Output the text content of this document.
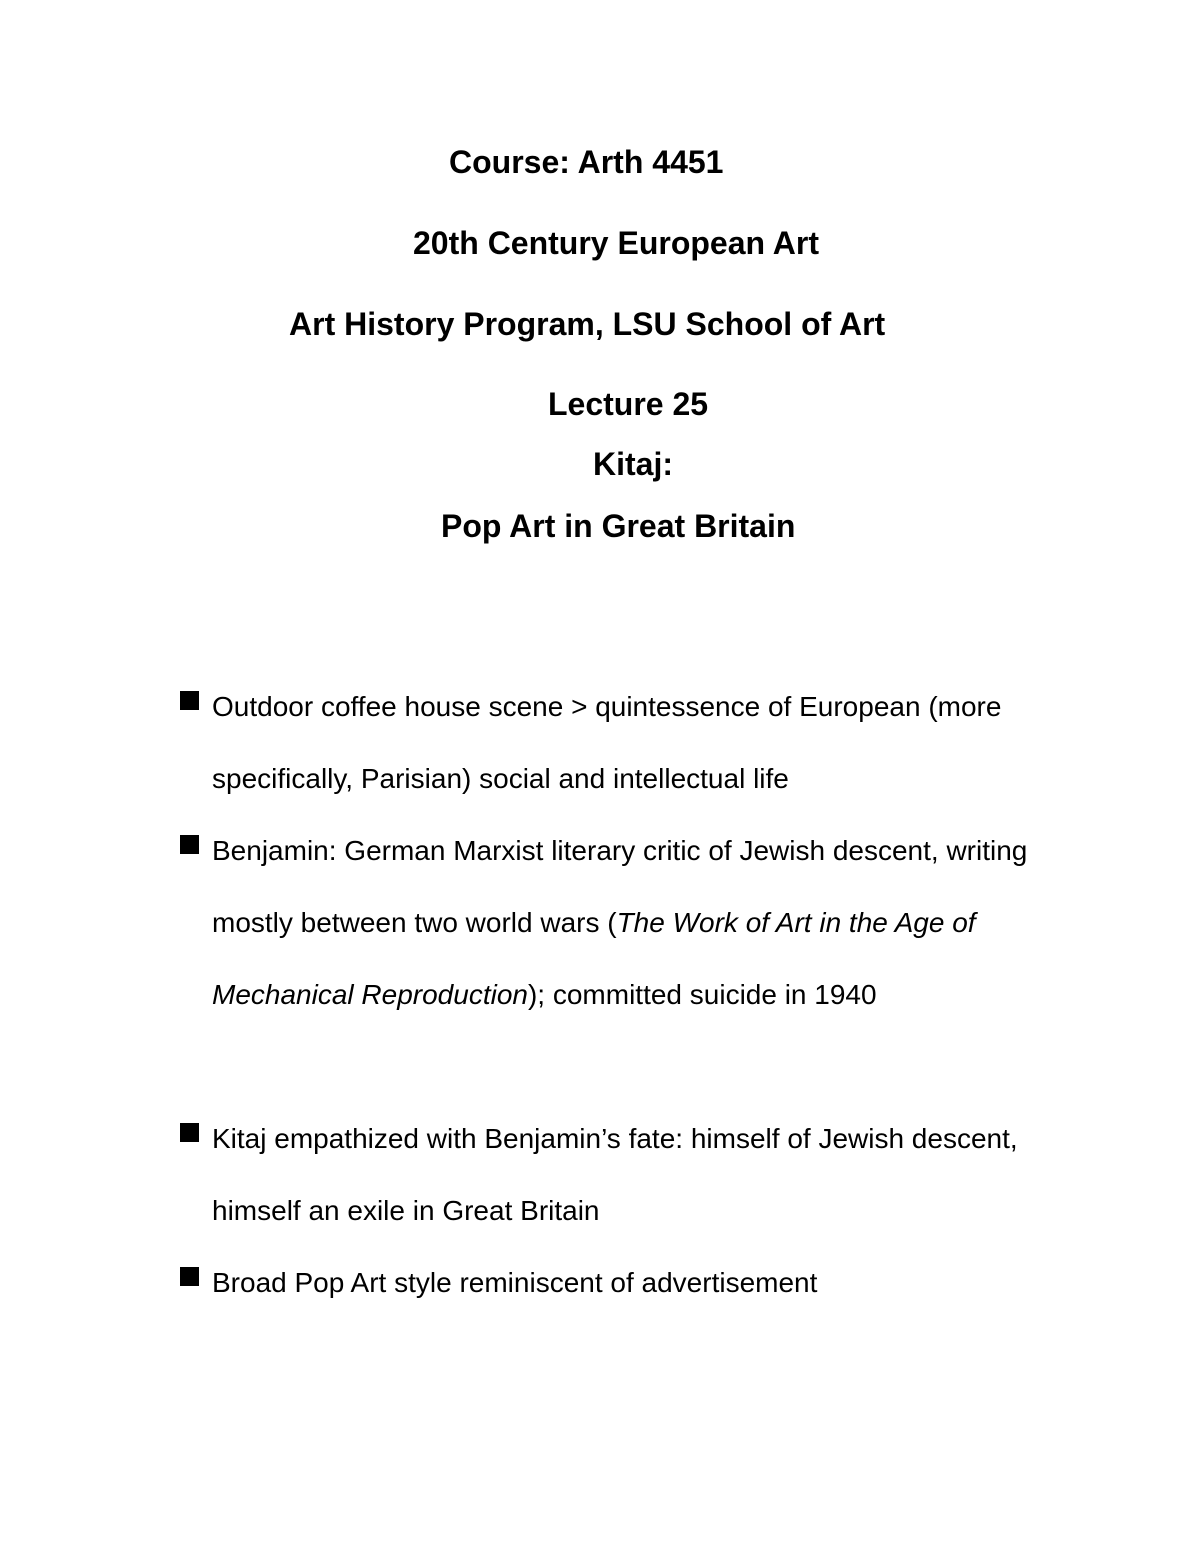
Course: Arth 4451
20th Century European Art
Art History Program, LSU School of Art
Lecture 25
Kitaj:
Pop Art in Great Britain
Outdoor coffee house scene > quintessence of European (more specifically, Parisian) social and intellectual life
Benjamin: German Marxist literary critic of Jewish descent, writing mostly between two world wars (The Work of Art in the Age of Mechanical Reproduction); committed suicide in 1940
Kitaj empathized with Benjamin’s fate: himself of Jewish descent, himself an exile in Great Britain
Broad Pop Art style reminiscent of advertisement
